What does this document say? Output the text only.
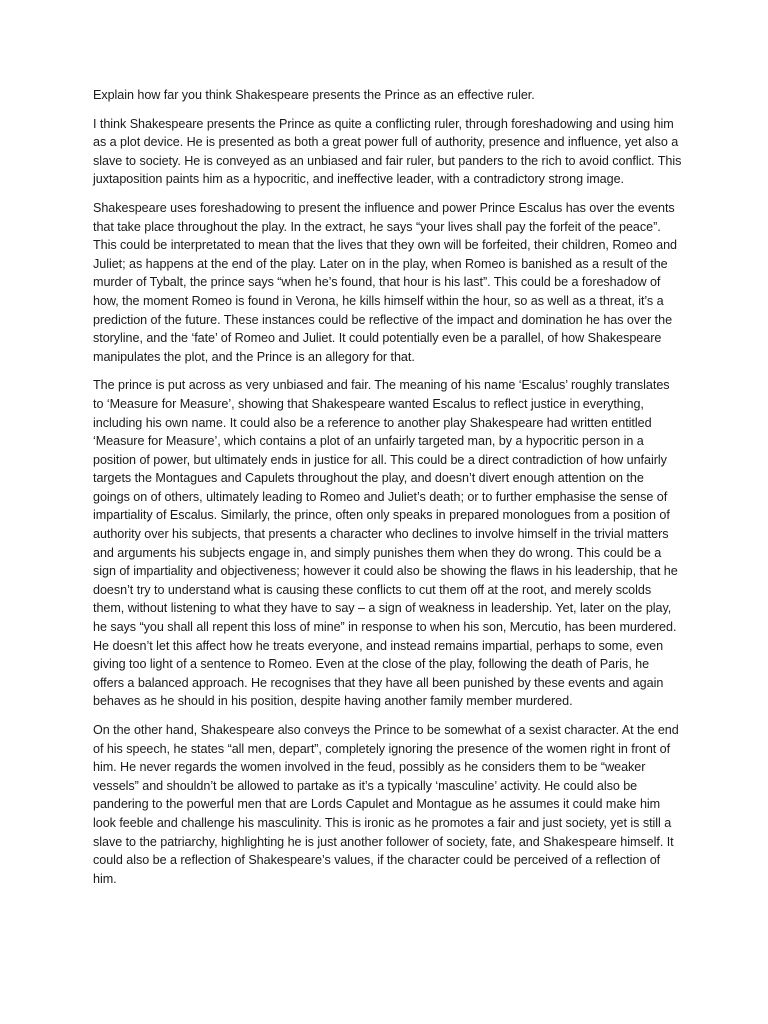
Explain how far you think Shakespeare presents the Prince as an effective ruler.

I think Shakespeare presents the Prince as quite a conflicting ruler, through foreshadowing and using him as a plot device. He is presented as both a great power full of authority, presence and influence, yet also a slave to society. He is conveyed as an unbiased and fair ruler, but panders to the rich to avoid conflict. This juxtaposition paints him as a hypocritic, and ineffective leader, with a contradictory strong image.

Shakespeare uses foreshadowing to present the influence and power Prince Escalus has over the events that take place throughout the play. In the extract, he says “your lives shall pay the forfeit of the peace”. This could be interpretated to mean that the lives that they own will be forfeited, their children, Romeo and Juliet; as happens at the end of the play. Later on in the play, when Romeo is banished as a result of the murder of Tybalt, the prince says “when he’s found, that hour is his last”. This could be a foreshadow of how, the moment Romeo is found in Verona, he kills himself within the hour, so as well as a threat, it’s a prediction of the future. These instances could be reflective of the impact and domination he has over the storyline, and the ‘fate’ of Romeo and Juliet. It could potentially even be a parallel, of how Shakespeare manipulates the plot, and the Prince is an allegory for that.

The prince is put across as very unbiased and fair. The meaning of his name ‘Escalus’ roughly translates to ‘Measure for Measure’, showing that Shakespeare wanted Escalus to reflect justice in everything, including his own name. It could also be a reference to another play Shakespeare had written entitled ‘Measure for Measure’, which contains a plot of an unfairly targeted man, by a hypocritic person in a position of power, but ultimately ends in justice for all. This could be a direct contradiction of how unfairly targets the Montagues and Capulets throughout the play, and doesn’t divert enough attention on the goings on of others, ultimately leading to Romeo and Juliet’s death; or to further emphasise the sense of impartiality of Escalus. Similarly, the prince, often only speaks in prepared monologues from a position of authority over his subjects, that presents a character who declines to involve himself in the trivial matters and arguments his subjects engage in, and simply punishes them when they do wrong. This could be a sign of impartiality and objectiveness; however it could also be showing the flaws in his leadership, that he doesn’t try to understand what is causing these conflicts to cut them off at the root, and merely scolds them, without listening to what they have to say – a sign of weakness in leadership. Yet, later on the play, he says “you shall all repent this loss of mine” in response to when his son, Mercutio, has been murdered. He doesn’t let this affect how he treats everyone, and instead remains impartial, perhaps to some, even giving too light of a sentence to Romeo. Even at the close of the play, following the death of Paris, he offers a balanced approach. He recognises that they have all been punished by these events and again behaves as he should in his position, despite having another family member murdered.

On the other hand, Shakespeare also conveys the Prince to be somewhat of a sexist character. At the end of his speech, he states “all men, depart”, completely ignoring the presence of the women right in front of him. He never regards the women involved in the feud, possibly as he considers them to be “weaker vessels” and shouldn’t be allowed to partake as it’s a typically ‘masculine’ activity. He could also be pandering to the powerful men that are Lords Capulet and Montague as he assumes it could make him look feeble and challenge his masculinity. This is ironic as he promotes a fair and just society, yet is still a slave to the patriarchy, highlighting he is just another follower of society, fate, and Shakespeare himself. It could also be a reflection of Shakespeare’s values, if the character could be perceived of a reflection of him.
